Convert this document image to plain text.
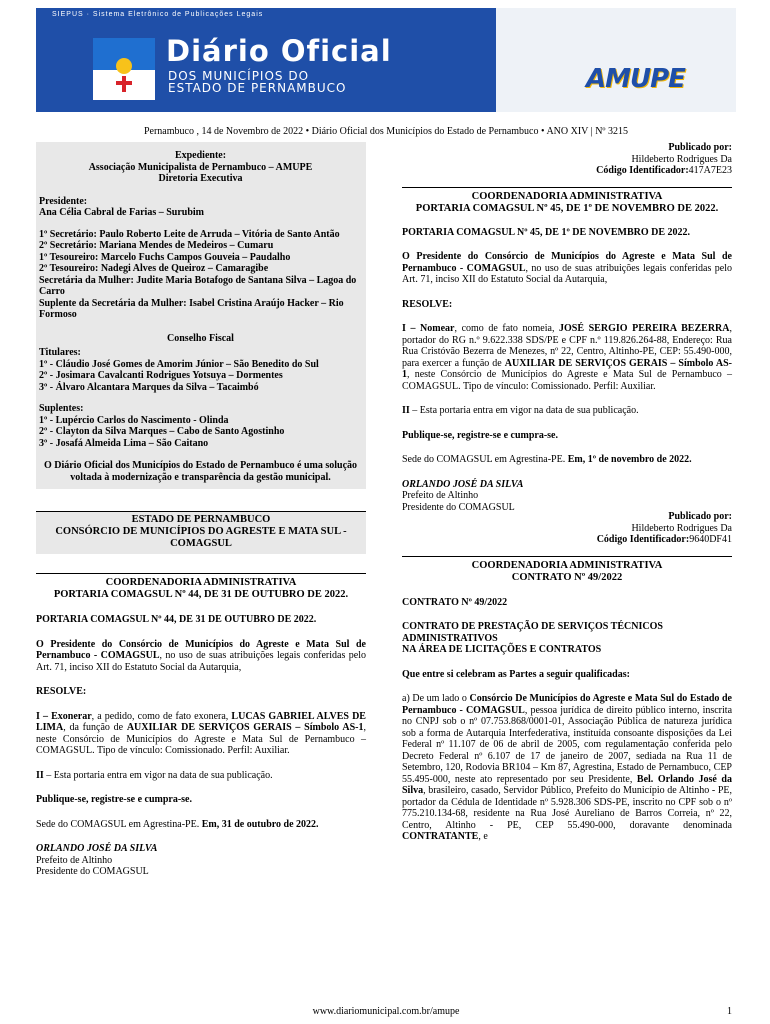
SIEPUS · Sistema Eletrônico de Publicações Legais
Diário Oficial
DOS MUNICÍPIOS DO
ESTADO DE PERNAMBUCO	AMUPE
Pernambuco , 14 de Novembro de 2022 • Diário Oficial dos Municípios do Estado de Pernambuco • ANO XIV | Nº 3215

Expediente:

Associação Municipalista de Pernambuco – AMUPE

Diretoria Executiva

Presidente:

Ana Célia Cabral de Farias – Surubim

1º Secretário: Paulo Roberto Leite de Arruda – Vitória de Santo Antão

2º Secretário: Mariana Mendes de Medeiros – Cumaru

1º Tesoureiro: Marcelo Fuchs Campos Gouveia – Paudalho

2º Tesoureiro: Nadegi Alves de Queiroz – Camaragibe

Secretária da Mulher: Judite Maria Botafogo de Santana Silva – Lagoa do Carro

Suplente da Secretária da Mulher: Isabel Cristina Araújo Hacker – Rio Formoso

Conselho Fiscal

Titulares:

1º - Cláudio José Gomes de Amorim Júnior – São Benedito do Sul

2º - Josimara Cavalcanti Rodrigues Yotsuya – Dormentes

3º - Álvaro Alcantara Marques da Silva – Tacaimbó

Suplentes:

1º - Lupércio Carlos do Nascimento - Olinda

2º - Clayton da Silva Marques – Cabo de Santo Agostinho

3º - Josafá Almeida Lima – São Caitano

O Diário Oficial dos Municípios do Estado de Pernambuco é uma solução voltada à modernização e transparência da gestão municipal.

ESTADO DE PERNAMBUCO

CONSÓRCIO DE MUNICÍPIOS DO AGRESTE E MATA SUL - COMAGSUL

COORDENADORIA ADMINISTRATIVA

PORTARIA COMAGSUL Nº 44, DE 31 DE OUTUBRO DE 2022.

PORTARIA COMAGSUL Nº 44, DE 31 DE OUTUBRO DE 2022.

O Presidente do Consórcio de Municípios do Agreste e Mata Sul de Pernambuco - COMAGSUL, no uso de suas atribuições legais conferidas pelo Art. 71, inciso XII do Estatuto Social da Autarquia,

RESOLVE:

I – Exonerar, a pedido, como de fato exonera, LUCAS GABRIEL ALVES DE LIMA, da função de AUXILIAR DE SERVIÇOS GERAIS – Símbolo AS-1, neste Consórcio de Municípios do Agreste e Mata Sul de Pernambuco – COMAGSUL. Tipo de vínculo: Comissionado. Perfil: Auxiliar.

II – Esta portaria entra em vigor na data de sua publicação.

Publique-se, registre-se e cumpra-se.

Sede do COMAGSUL em Agrestina-PE. Em, 31 de outubro de 2022.

ORLANDO JOSÉ DA SILVA

Prefeito de Altinho

Presidente do COMAGSUL

Publicado por:

Hildeberto Rodrigues Da

Código Identificador:417A7E23

COORDENADORIA ADMINISTRATIVA

PORTARIA COMAGSUL Nº 45, DE 1º DE NOVEMBRO DE 2022.

PORTARIA COMAGSUL Nº 45, DE 1º DE NOVEMBRO DE 2022.

O Presidente do Consórcio de Municípios do Agreste e Mata Sul de Pernambuco - COMAGSUL, no uso de suas atribuições legais conferidas pelo Art. 71, inciso XII do Estatuto Social da Autarquia,

RESOLVE:

I – Nomear, como de fato nomeia, JOSÉ SERGIO PEREIRA BEZERRA, portador do RG n.º 9.622.338 SDS/PE e CPF n.º 119.826.264-88, Endereço: Rua Rua Cristóvão Bezerra de Menezes, nº 22, Centro, Altinho-PE, CEP: 55.490-000, para exercer a função de AUXILIAR DE SERVIÇOS GERAIS – Símbolo AS-1, neste Consórcio de Municípios do Agreste e Mata Sul de Pernambuco – COMAGSUL. Tipo de vínculo: Comissionado. Perfil: Auxiliar.

II – Esta portaria entra em vigor na data de sua publicação.

Publique-se, registre-se e cumpra-se.

Sede do COMAGSUL em Agrestina-PE. Em, 1º de novembro de 2022.

ORLANDO JOSÉ DA SILVA

Prefeito de Altinho

Presidente do COMAGSUL

Publicado por:

Hildeberto Rodrigues Da

Código Identificador:9640DF41

COORDENADORIA ADMINISTRATIVA

CONTRATO Nº 49/2022

CONTRATO Nº 49/2022

CONTRATO DE PRESTAÇÃO DE SERVIÇOS TÉCNICOS ADMINISTRATIVOS

NA ÁREA DE LICITAÇÕES E CONTRATOS

Que entre si celebram as Partes a seguir qualificadas:

a) De um lado o Consórcio De Municípios do Agreste e Mata Sul do Estado de Pernambuco - COMAGSUL, pessoa jurídica de direito público interno, inscrita no CNPJ sob o nº 07.753.868/0001-01, Associação Pública de natureza jurídica sob a forma de Autarquia Interfederativa, instituída consoante disposições da Lei Federal nº 11.107 de 06 de abril de 2005, com regulamentação conferida pelo Decreto Federal nº 6.107 de 17 de janeiro de 2007, sediada na Rua 11 de Setembro, 120, Rodovia BR104 – Km 87, Agrestina, Estado de Pernambuco, CEP 55.495-000, neste ato representado por seu Presidente, Bel. Orlando José da Silva, brasileiro, casado, Servidor Público, Prefeito do Município de Altinho - PE, portador da Cédula de Identidade nº 5.928.306 SDS-PE, inscrito no CPF sob o nº 775.210.134-68, residente na Rua José Aureliano de Barros Correia, nº 22, Centro, Altinho - PE, CEP 55.490-000, doravante denominada CONTRATANTE, e

www.diariomunicipal.com.br/amupe	1
